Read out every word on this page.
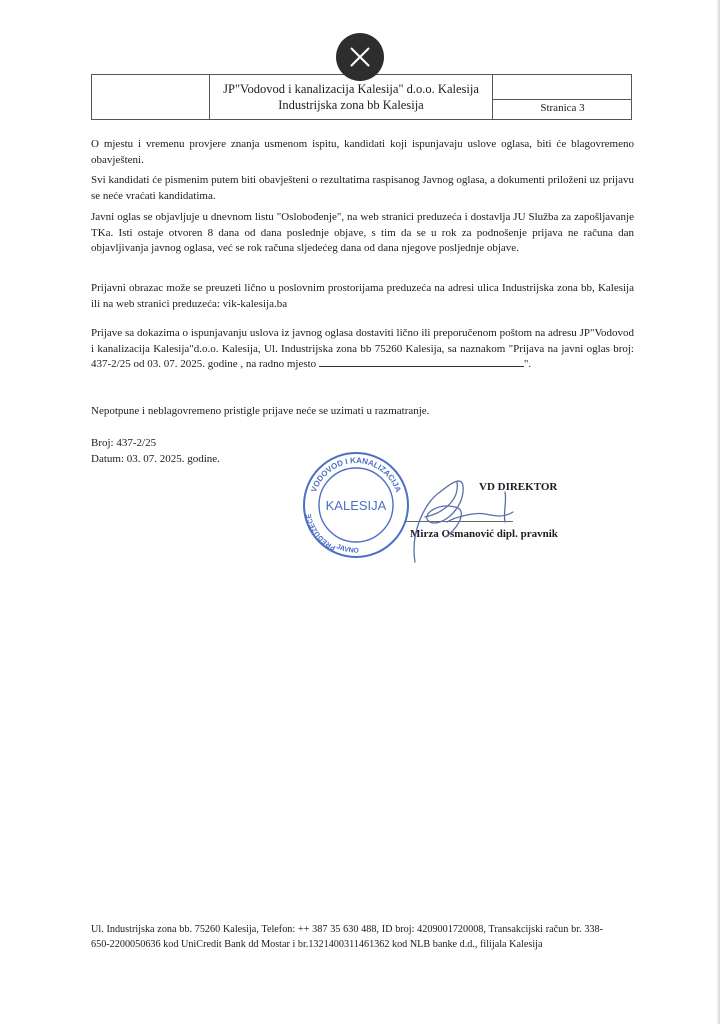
JP"Vodovod i kanalizacija Kalesija" d.o.o. Kalesija
Industrijska zona bb Kalesija	Stranica 3

O mjestu i vremenu provjere znanja usmenom ispitu, kandidati koji ispunjavaju uslove oglasa, biti će blagovremeno obavješteni.

Svi kandidati će pismenim putem biti obavješteni o rezultatima raspisanog Javnog oglasa, a dokumenti priloženi uz prijavu se neće vraćati kandidatima.

Javni oglas se objavljuje u dnevnom listu "Oslobođenje", na web stranici preduzeća i dostavlja JU Služba za zapošljavanje TKa. Isti ostaje otvoren 8 dana od dana poslednje objave, s tim da se u rok za podnošenje prijava ne računa dan objavljivanja javnog oglasa, već se rok računa sljedećeg dana od dana njegove posljednje objave.

Prijavni obrazac može se preuzeti lično u poslovnim prostorijama preduzeća na adresi ulica Industrijska zona bb, Kalesija ili na web stranici preduzeća: vik-kalesija.ba

Prijave sa dokazima o ispunjavanju uslova iz javnog oglasa dostaviti lično ili preporučenom poštom na adresu JP"Vodovod i kanalizacija Kalesija"d.o.o. Kalesija, Ul. Industrijska zona bb 75260 Kalesija, sa naznakom "Prijava na javni oglas broj: 437-2/25 od 03. 07. 2025. godine , na radno mjesto	".

Nepotpune i neblagovremeno pristigle prijave neće se uzimati u razmatranje.

Broj: 437-2/25
Datum: 03. 07. 2025. godine.
VODOVOD I KANALIZACIJA
PREDUZEĆE
JAVNO
KALESIJA
VD DIREKTOR
Mirza Osmanović dipl. pravnik
Ul. Industrijska zona bb. 75260 Kalesija, Telefon: ++ 387 35 630 488, ID broj: 4209001720008, Transakcijski račun br. 338-650-2200050636 kod UniCredit Bank dd Mostar i br.1321400311461362 kod NLB banke d.d., filijala Kalesija
